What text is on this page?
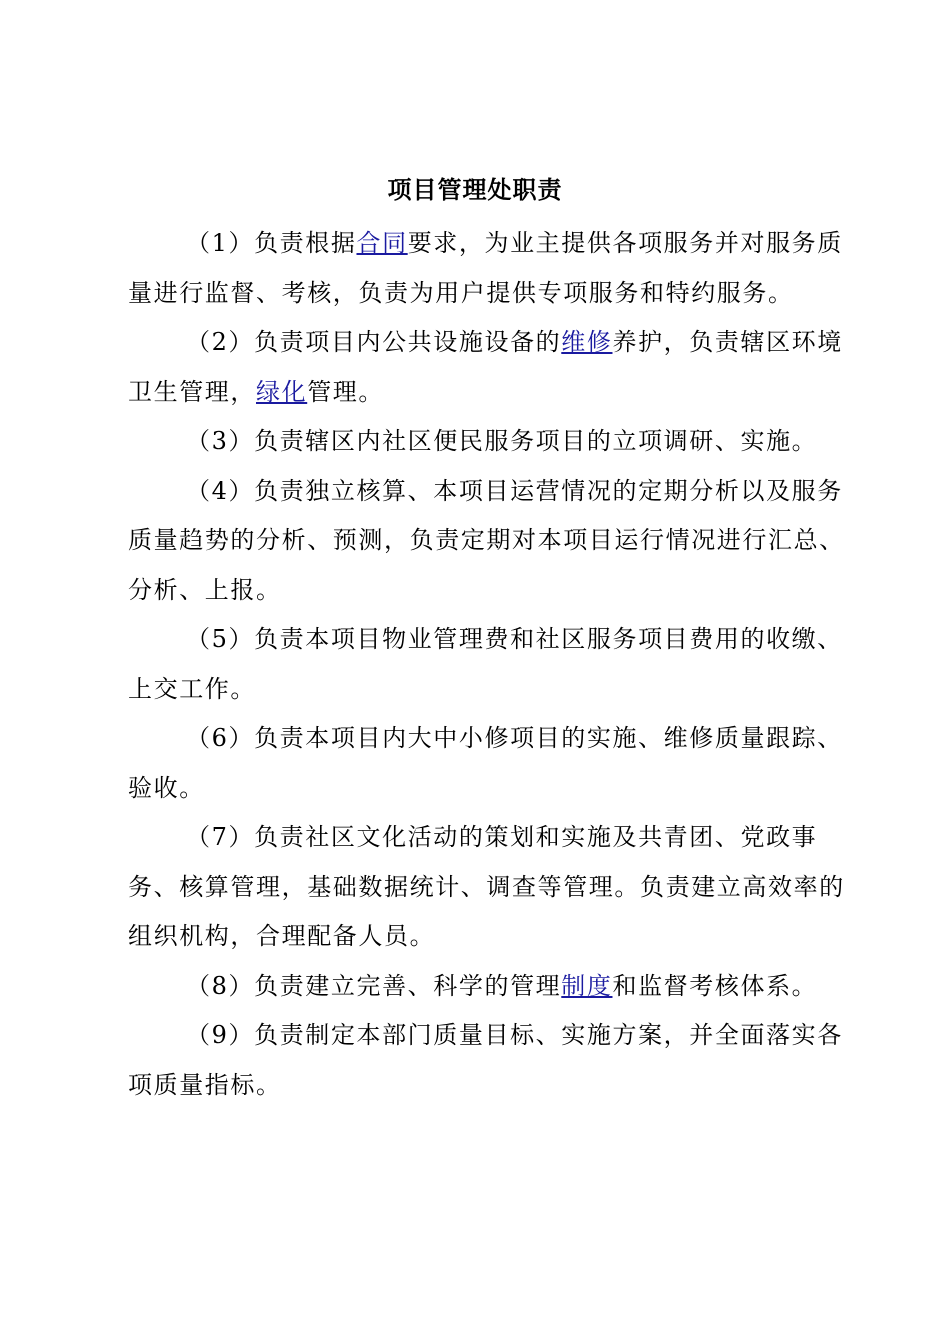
项目管理处职责

（1）负责根据合同要求，为业主提供各项服务并对服务质量进行监督、考核，负责为用户提供专项服务和特约服务。

（2）负责项目内公共设施设备的维修养护，负责辖区环境卫生管理，绿化管理。

（3）负责辖区内社区便民服务项目的立项调研、实施。

（4）负责独立核算、本项目运营情况的定期分析以及服务质量趋势的分析、预测，负责定期对本项目运行情况进行汇总、分析、上报。

（5）负责本项目物业管理费和社区服务项目费用的收缴、上交工作。

（6）负责本项目内大中小修项目的实施、维修质量跟踪、验收。

（7）负责社区文化活动的策划和实施及共青团、党政事务、核算管理，基础数据统计、调查等管理。负责建立高效率的组织机构，合理配备人员。

（8）负责建立完善、科学的管理制度和监督考核体系。

（9）负责制定本部门质量目标、实施方案，并全面落实各项质量指标。
